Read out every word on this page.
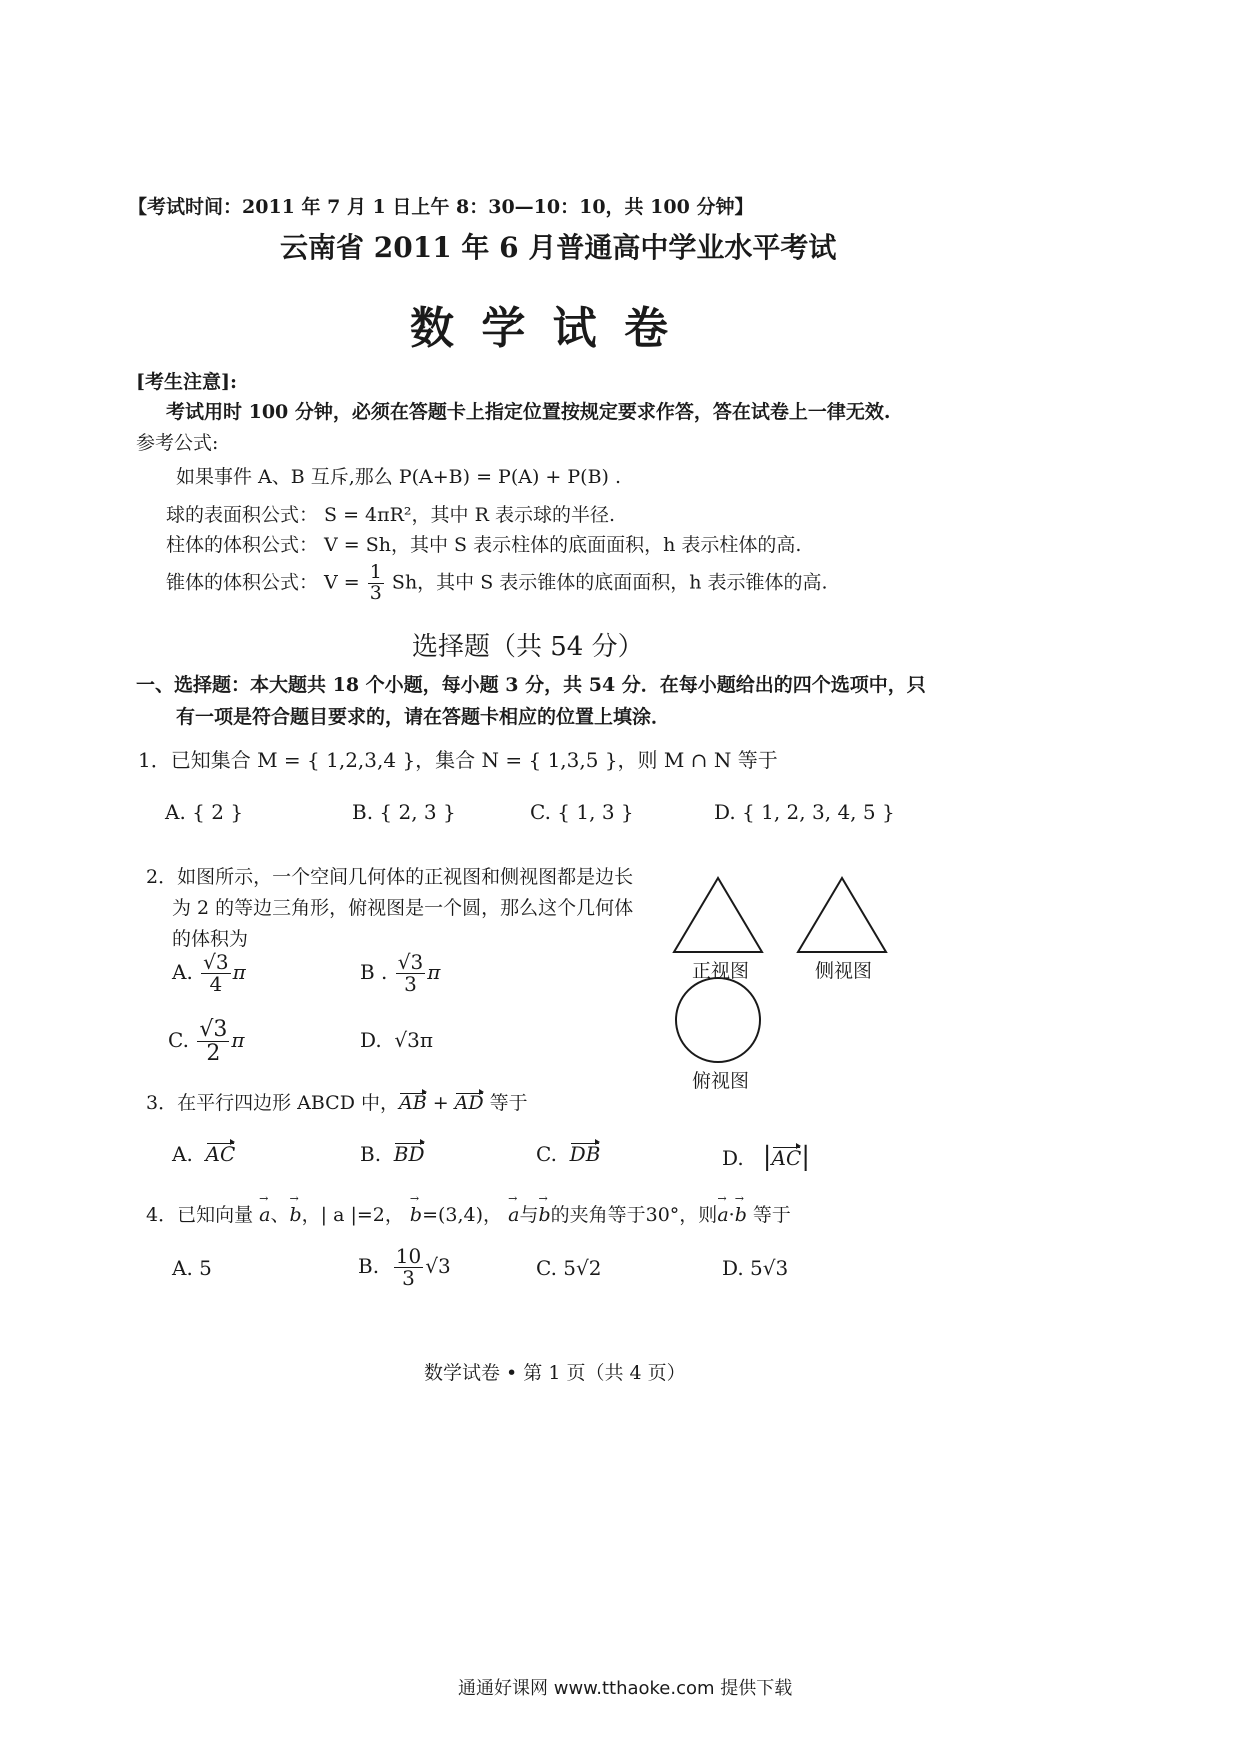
【考试时间：2011 年 7 月 1 日上午 8：30—10：10，共 100 分钟】
云南省 2011 年 6 月普通高中学业水平考试
数 学 试 卷
[考生注意]:
考试用时 100 分钟，必须在答题卡上指定位置按规定要求作答，答在试卷上一律无效.
参考公式:
如果事件 A、B 互斥,那么 P(A+B) = P(A) + P(B) .
球的表面积公式： S = 4πR²，其中 R 表示球的半径.
柱体的体积公式： V = Sh，其中 S 表示柱体的底面面积，h 表示柱体的高.
锥体的体积公式： $V = \frac{1}{3}$ Sh，其中 S 表示锥体的底面面积，h 表示锥体的高.
选择题（共 54 分）
一、选择题：本大题共 18 个小题，每小题 3 分，共 54 分．在每小题给出的四个选项中，只
有一项是符合题目要求的，请在答题卡相应的位置上填涂．
1．已知集合 M = { 1,2,3,4 }，集合 N = { 1,3,5 }，则 M ∩ N 等于
A. { 2 }	B. { 2, 3 }	C. { 1, 3 }	D. { 1, 2, 3, 4, 5 }
2．如图所示，一个空间几何体的正视图和侧视图都是边长
为 2 的等边三角形，俯视图是一个圆，那么这个几何体
的体积为
A. $\frac{√3}{4}$ π	B . $\frac{√3}{3}$ π
C. $\frac{√3}{2}$ π	D. √3π
正视图	侧视图
俯视图
3．在平行四边形 ABCD 中，AB + AD 等于
A. AC	B. BD	C. DB	D. |AC|
4．已知向量 → a、→ b，| a |=2， → b=(3,4)， → a与→ b的夹角等于30°，则→ a·→ b 等于
A. 5	B. $\frac{10}{3} √3$	C. 5√2	D. 5√3
数学试卷 • 第 1 页（共 4 页）
通通好课网 www.tthaoke.com 提供下载
